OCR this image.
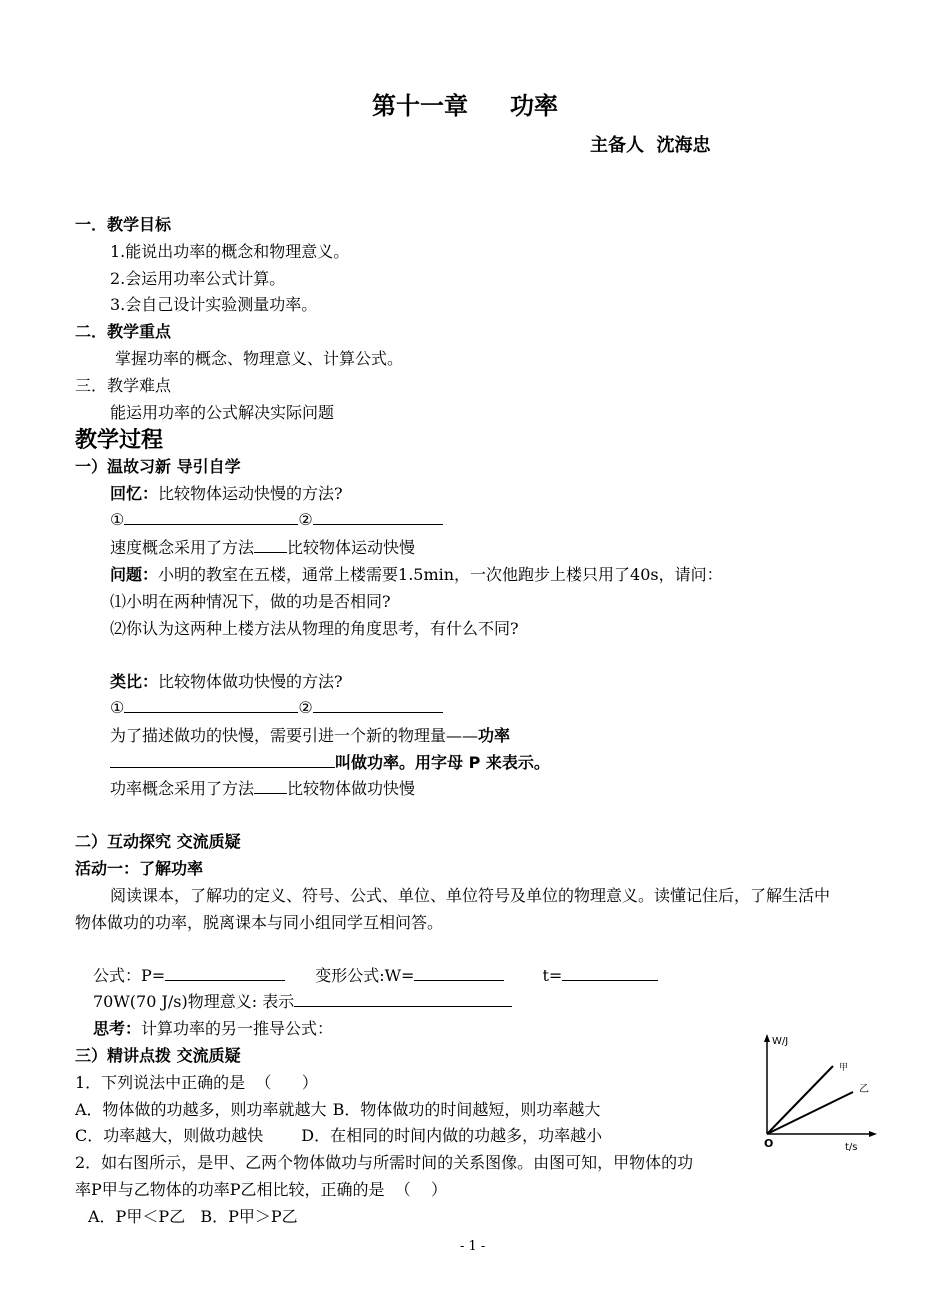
第十一章 功率
主备人  沈海忠
一．教学目标
1.能说出功率的概念和物理意义。
2.会运用功率公式计算。
3.会自己设计实验测量功率。
二．教学重点
掌握功率的概念、物理意义、计算公式。
三．教学难点
能运用功率的公式解决实际问题
教学过程
一）温故习新 导引自学
回忆：比较物体运动快慢的方法?
①	②
速度概念采用了方法 比较物体运动快慢
问题：小明的教室在五楼，通常上楼需要1.5min，一次他跑步上楼只用了40s，请问：
⑴小明在两种情况下，做的功是否相同?
⑵你认为这两种上楼方法从物理的角度思考，有什么不同?
类比：比较物体做功快慢的方法?
①	②
为了描述做功的快慢，需要引进一个新的物理量——功率
叫做功率。用字母 P 来表示。
功率概念采用了方法 比较物体做功快慢
二）互动探究 交流质疑
活动一：了解功率
阅读课本，了解功的定义、符号、公式、单位、单位符号及单位的物理意义。读懂记住后，了解生活中
物体做功的功率，脱离课本与同小组同学互相问答。
公式：P=	变形公式:W=	t=
70W(70 J/s)物理意义: 表示
思考：计算功率的另一推导公式：
三）精讲点拨 交流质疑
1．下列说法中正确的是  （      ）
A．物体做的功越多，则功率就越大 B．物体做功的时间越短，则功率越大
C．功率越大，则做功越快 D．在相同的时间内做的功越多，功率越小
2．如右图所示，是甲、乙两个物体做功与所需时间的关系图像。由图可知，甲物体的功
率P甲与乙物体的功率P乙相比较，正确的是  （    ）
A．P甲＜P乙   B．P甲＞P乙
W/J
t/s
O
甲
乙
- 1 -
